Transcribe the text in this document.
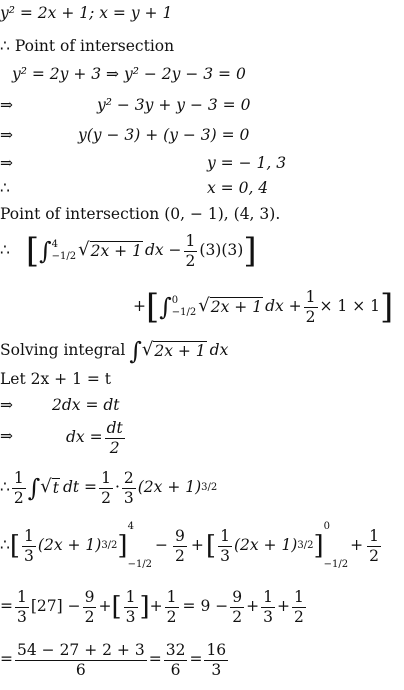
y² = 2x + 1; x = y + 1
∴ Point of intersection
y² = 2y + 3 ⇒ y² − 2y − 3 = 0
⇒	y² − 3y + y − 3 = 0
⇒	y(y − 3) + (y − 3) = 0
⇒	y = − 1, 3
∴	x = 0, 4
Point of intersection (0, − 1), (4, 3).
∴ [ ∫ 4
−1/2 √ 2x + 1 dx − $\frac{1}{2} (3)(3)$ ]
+ [ ∫ 0
−1/2 √ 2x + 1 dx + $\frac{1}{2} \times 1 \times 1$ ]
Solving integral ∫ √ 2x + 1 dx
Let 2x + 1 = t
⇒	2dx = dt
⇒	dx = $\frac{dt}{2}$
∴ $\frac{1}{2}$ ∫ √ t dt = $\frac{1}{2} \cdot \frac{2}{3} (2x + 1)$ 3/2
∴ [ $\frac{1}{3} (2x + 1)$ 3/2 ]
4
−1/2
− $\frac{9}{2}$ + [ $\frac{1}{3} (2x + 1)$ 3/2 ]
0
−1/2
+ $\frac{1}{2}$
= $\frac{1}{3} [27] - \frac{9}{2}$ + [ $\frac{1}{3}$ ] + $\frac{1}{2} = 9 - \frac{9}{2} + \frac{1}{3} + \frac{1}{2}$
= $\frac{54 - 27 + 2 + 3}{6} = \frac{32}{6} = \frac{16}{3}$
